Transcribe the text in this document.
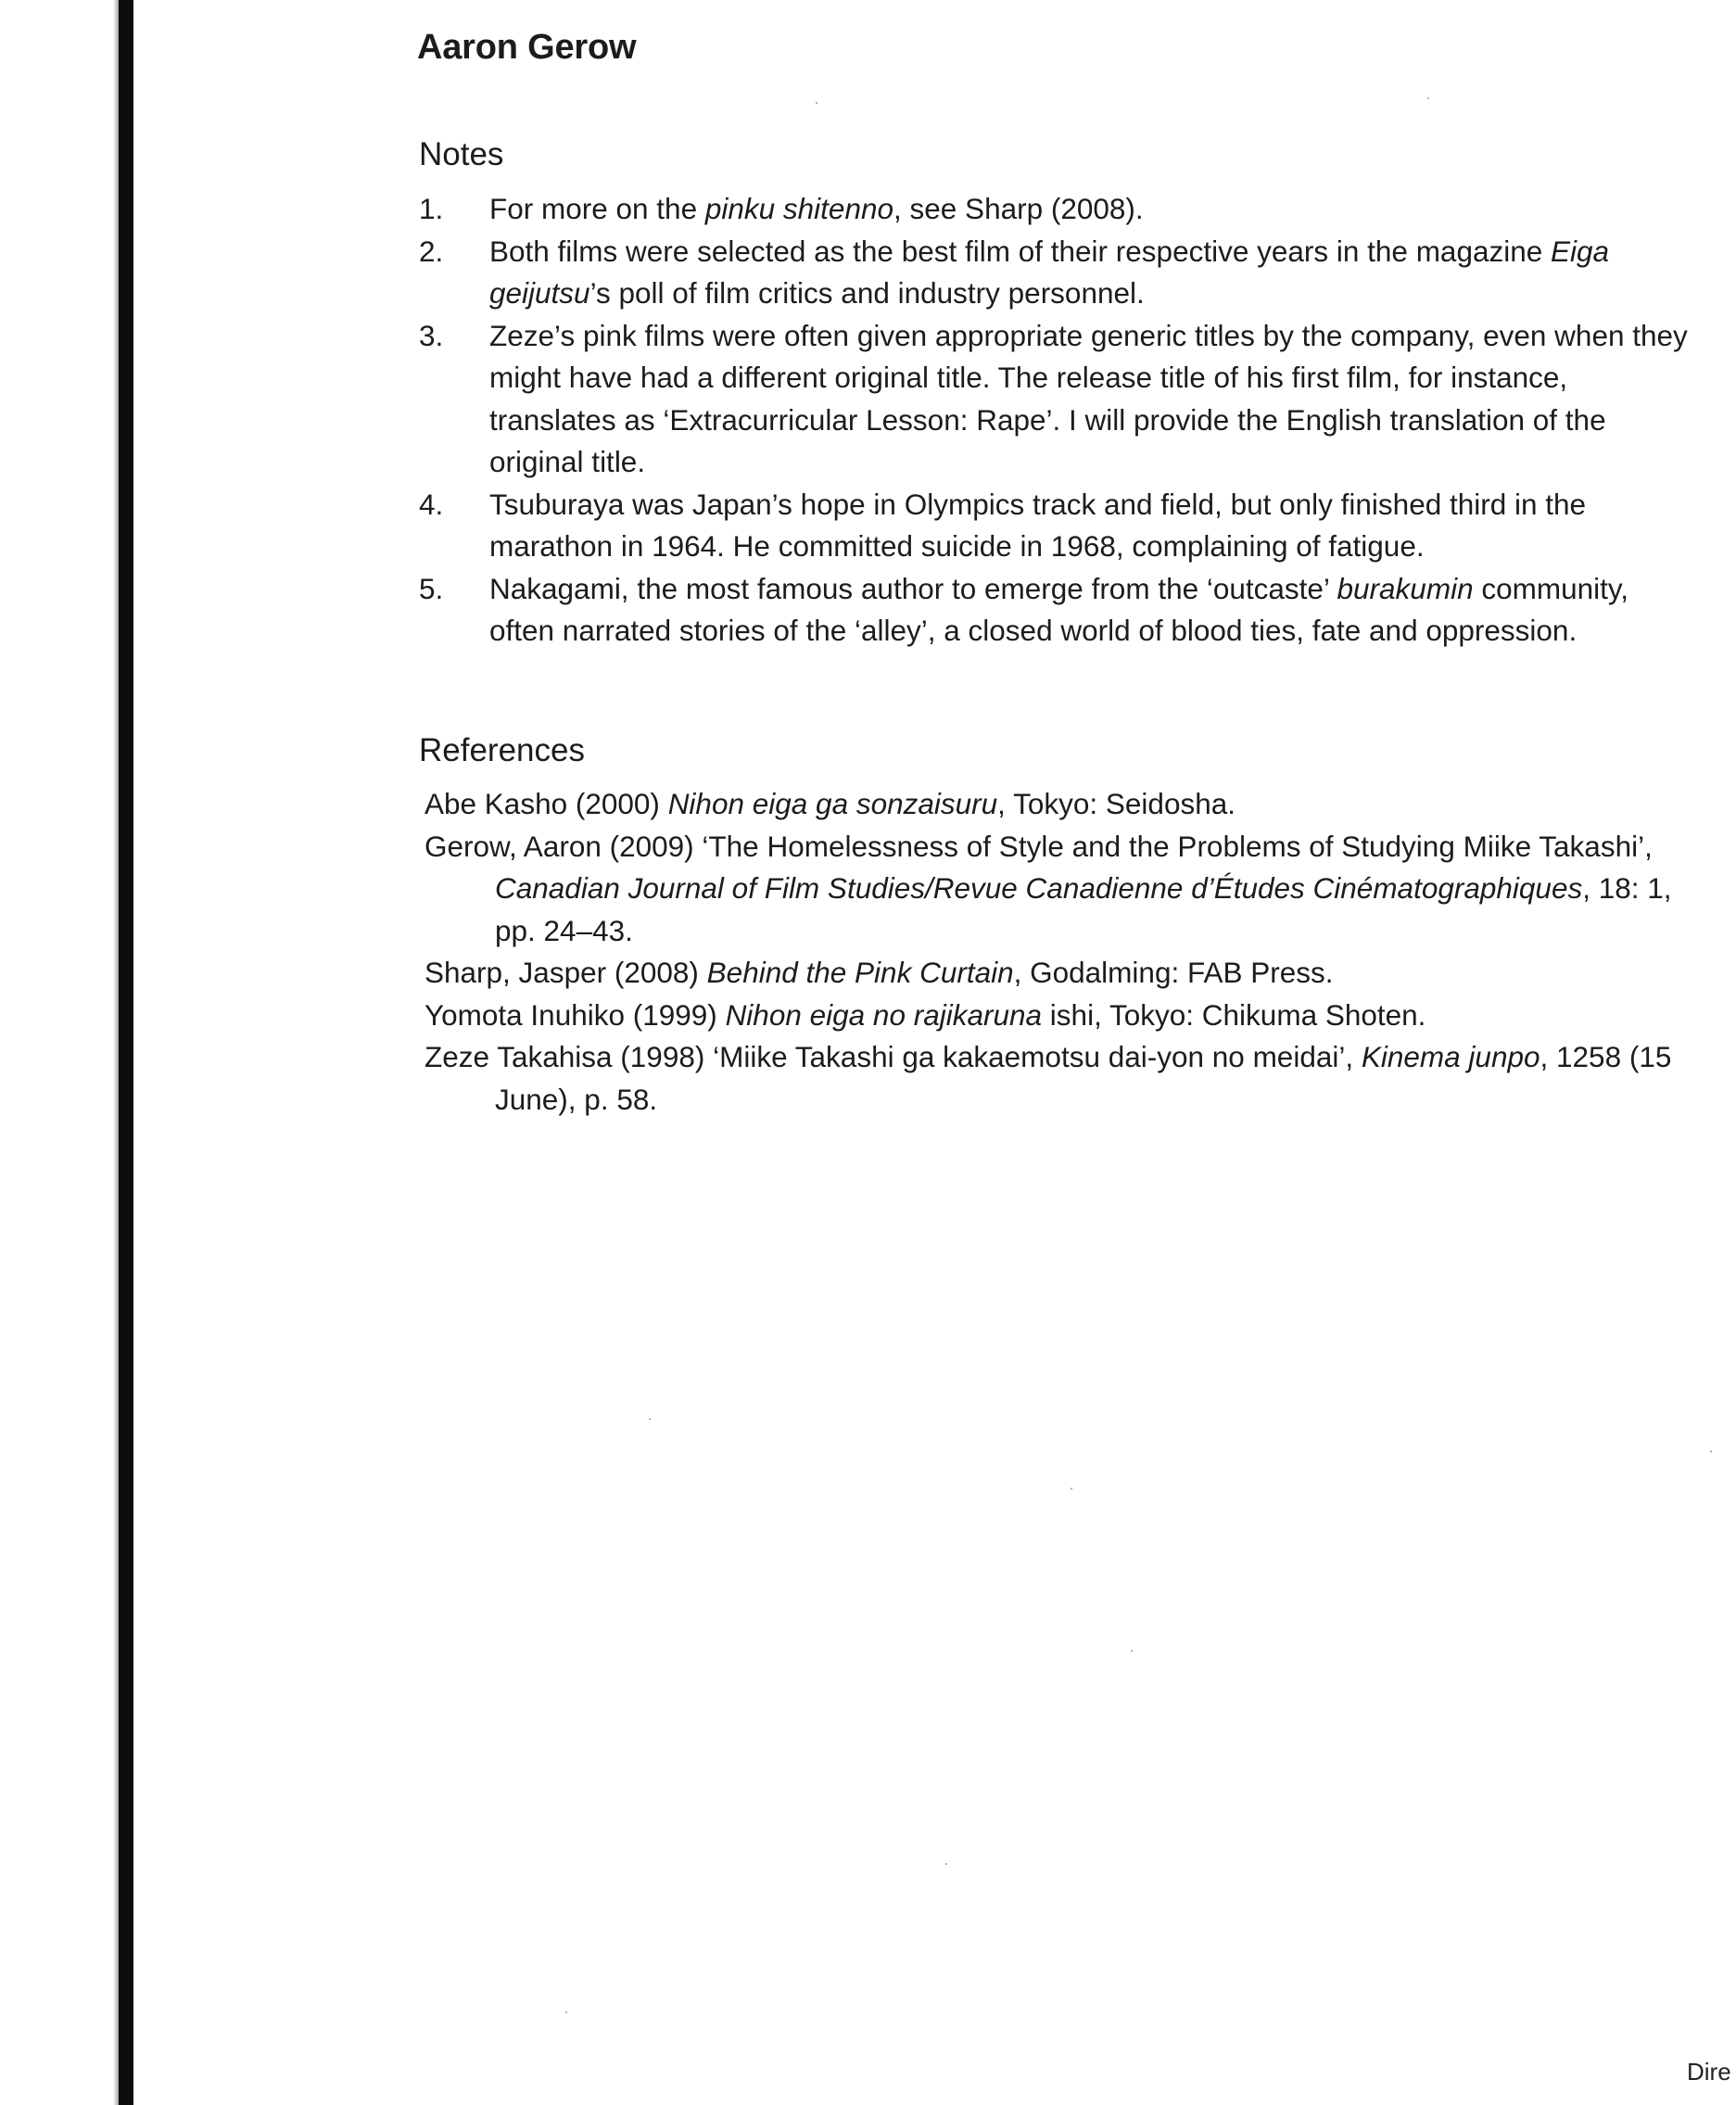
Aaron Gerow
Notes
1. For more on the pinku shitenno, see Sharp (2008).
2. Both films were selected as the best film of their respective years in the magazine Eiga geijutsu’s poll of film critics and industry personnel.
3. Zeze’s pink films were often given appropriate generic titles by the company, even when they might have had a different original title. The release title of his first film, for instance, translates as ‘Extracurricular Lesson: Rape’. I will provide the English translation of the original title.
4. Tsuburaya was Japan’s hope in Olympics track and field, but only finished third in the marathon in 1964. He committed suicide in 1968, complaining of fatigue.
5. Nakagami, the most famous author to emerge from the ‘outcaste’ burakumin community, often narrated stories of the ‘alley’, a closed world of blood ties, fate and oppression.
References

Abe Kasho (2000) Nihon eiga ga sonzaisuru, Tokyo: Seidosha.

Gerow, Aaron (2009) ‘The Homelessness of Style and the Problems of Studying Miike Takashi’, Canadian Journal of Film Studies/Revue Canadienne d’Études Cinématographiques, 18: 1, pp. 24–43.

Sharp, Jasper (2008) Behind the Pink Curtain, Godalming: FAB Press.

Yomota Inuhiko (1999) Nihon eiga no rajikaruna ishi, Tokyo: Chikuma Shoten.

Zeze Takahisa (1998) ‘Miike Takashi ga kakaemotsu dai-yon no meidai’, Kinema junpo, 1258 (15 June), p. 58.

Dire
